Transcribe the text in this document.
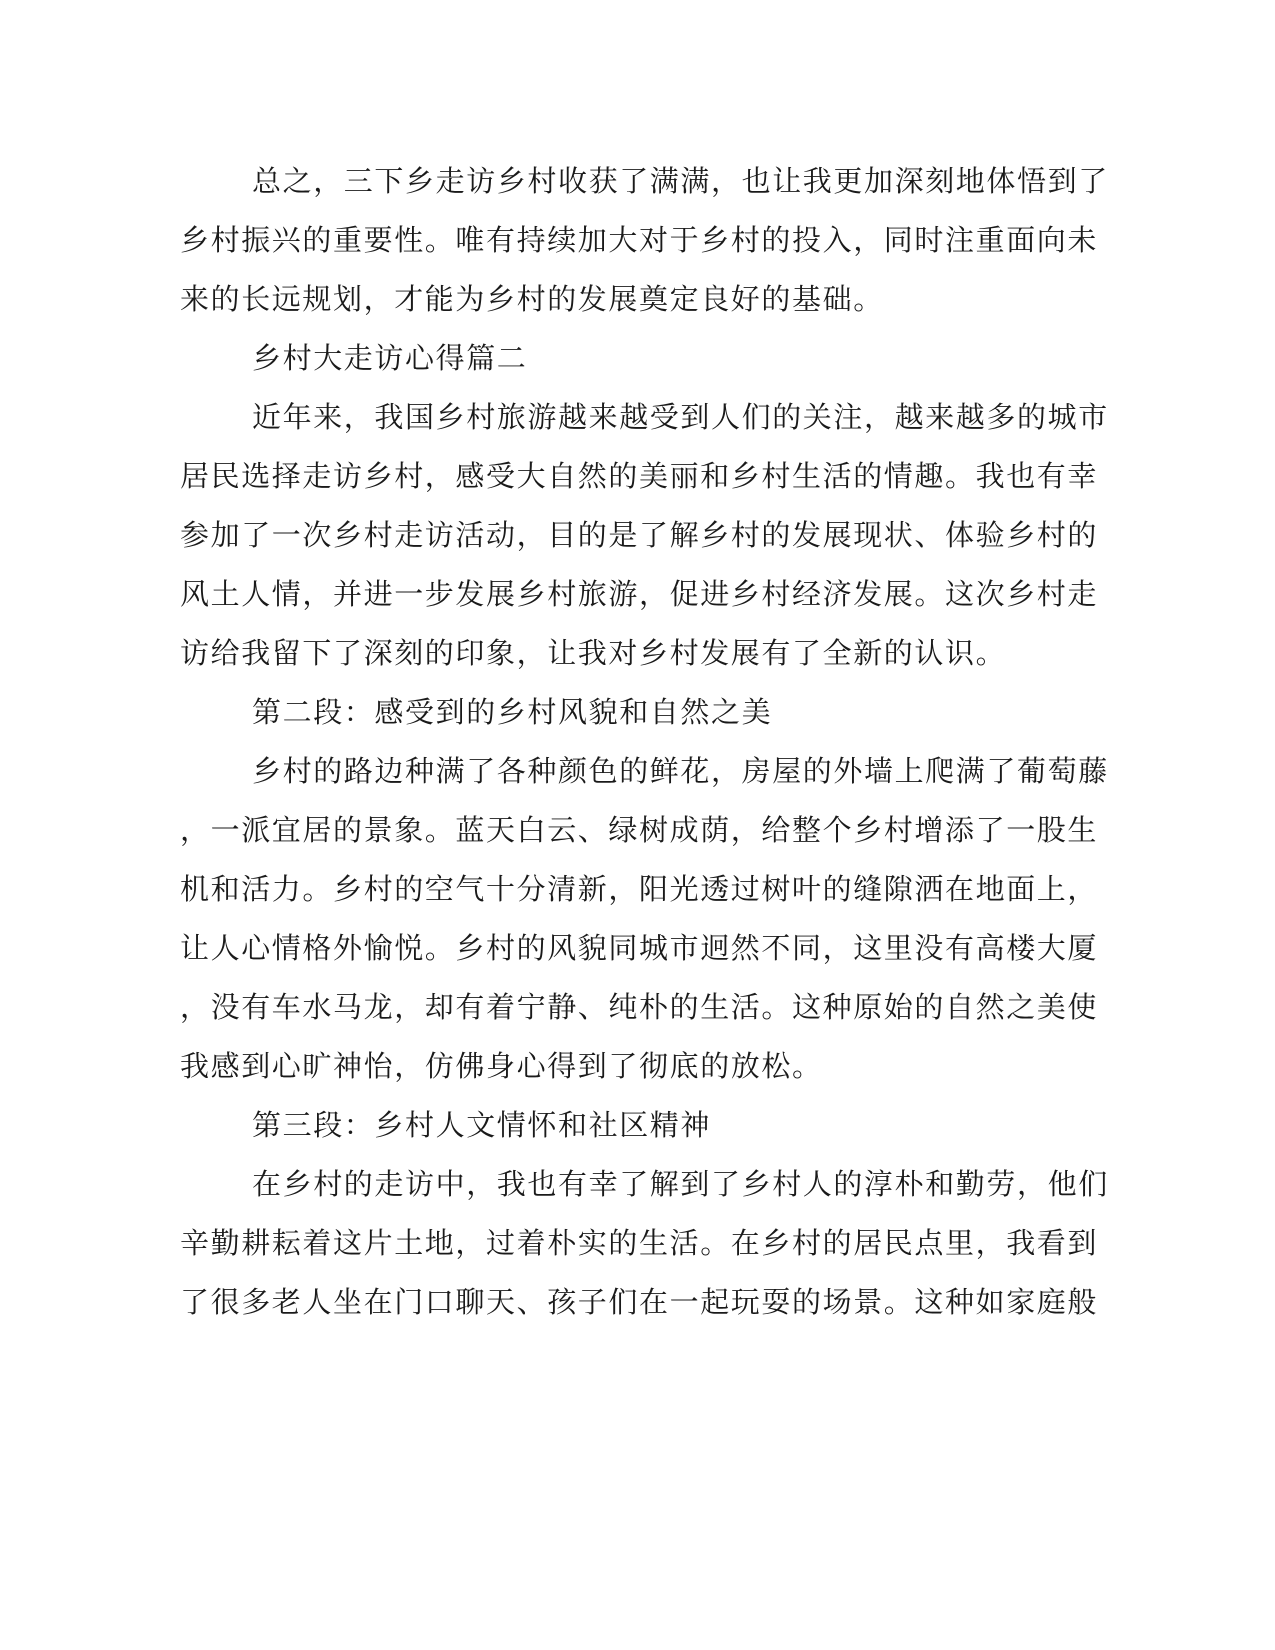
总之，三下乡走访乡村收获了满满，也让我更加深刻地体悟到了

乡村振兴的重要性。唯有持续加大对于乡村的投入，同时注重面向未

来的长远规划，才能为乡村的发展奠定良好的基础。

乡村大走访心得篇二

近年来，我国乡村旅游越来越受到人们的关注，越来越多的城市

居民选择走访乡村，感受大自然的美丽和乡村生活的情趣。我也有幸

参加了一次乡村走访活动，目的是了解乡村的发展现状、体验乡村的

风土人情，并进一步发展乡村旅游，促进乡村经济发展。这次乡村走

访给我留下了深刻的印象，让我对乡村发展有了全新的认识。

第二段：感受到的乡村风貌和自然之美

乡村的路边种满了各种颜色的鲜花，房屋的外墙上爬满了葡萄藤

，一派宜居的景象。蓝天白云、绿树成荫，给整个乡村增添了一股生

机和活力。乡村的空气十分清新，阳光透过树叶的缝隙洒在地面上，

让人心情格外愉悦。乡村的风貌同城市迥然不同，这里没有高楼大厦

，没有车水马龙，却有着宁静、纯朴的生活。这种原始的自然之美使

我感到心旷神怡，仿佛身心得到了彻底的放松。

第三段：乡村人文情怀和社区精神

在乡村的走访中，我也有幸了解到了乡村人的淳朴和勤劳，他们

辛勤耕耘着这片土地，过着朴实的生活。在乡村的居民点里，我看到

了很多老人坐在门口聊天、孩子们在一起玩耍的场景。这种如家庭般
